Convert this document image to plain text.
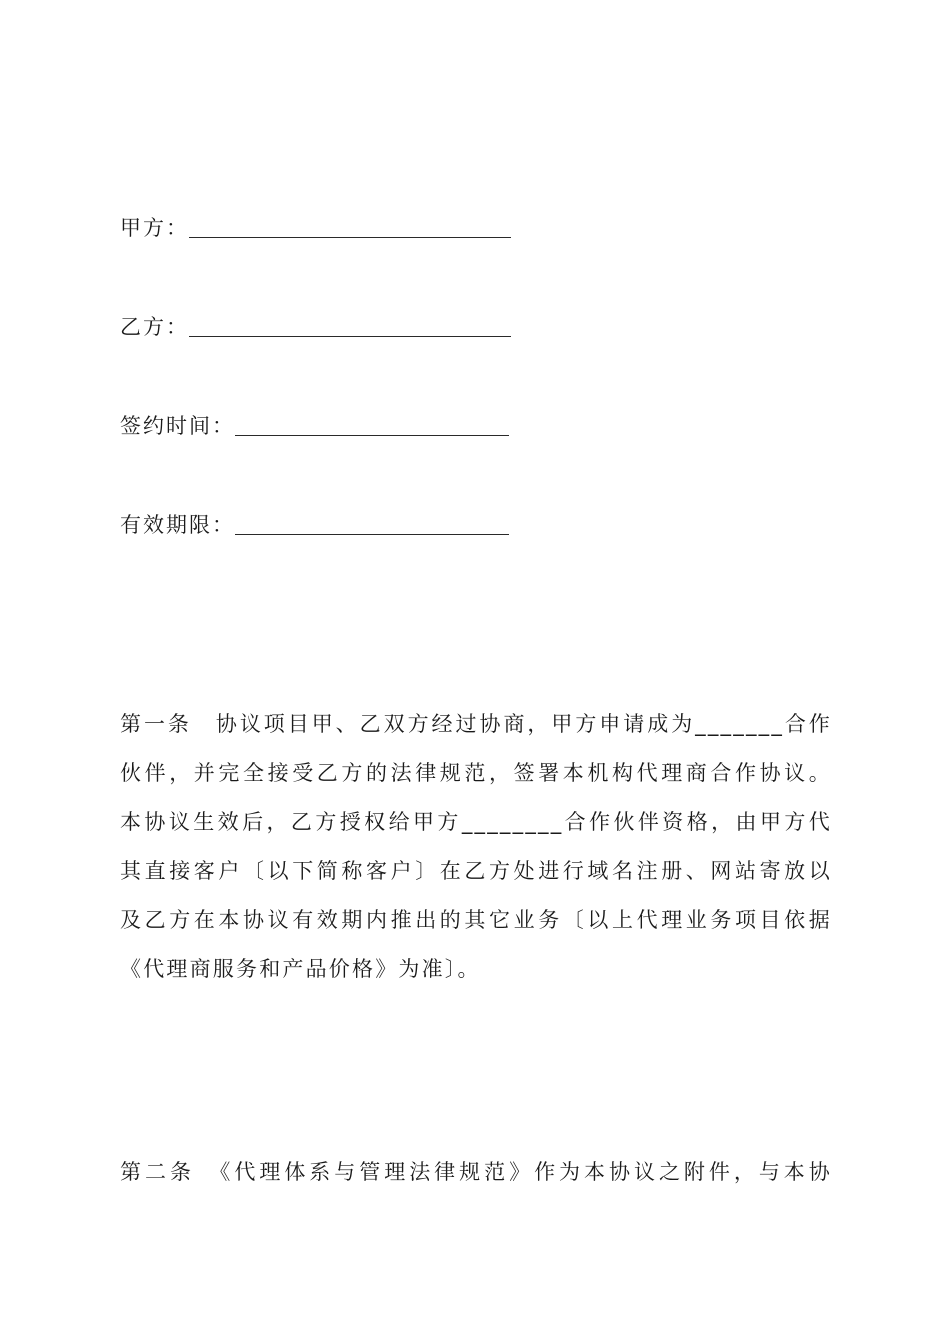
甲方：
乙方：
签约时间：
有效期限：

第一条　协议项目甲、乙双方经过协商，甲方申请成为_______合作
伙伴，并完全接受乙方的法律规范，签署本机构代理商合作协议。
本协议生效后，乙方授权给甲方________合作伙伴资格，由甲方代
其直接客户〔以下简称客户〕在乙方处进行域名注册、网站寄放以
及乙方在本协议有效期内推出的其它业务〔以上代理业务项目依据
《代理商服务和产品价格》为准〕。

第二条　《代理体系与管理法律规范》作为本协议之附件，与本协
